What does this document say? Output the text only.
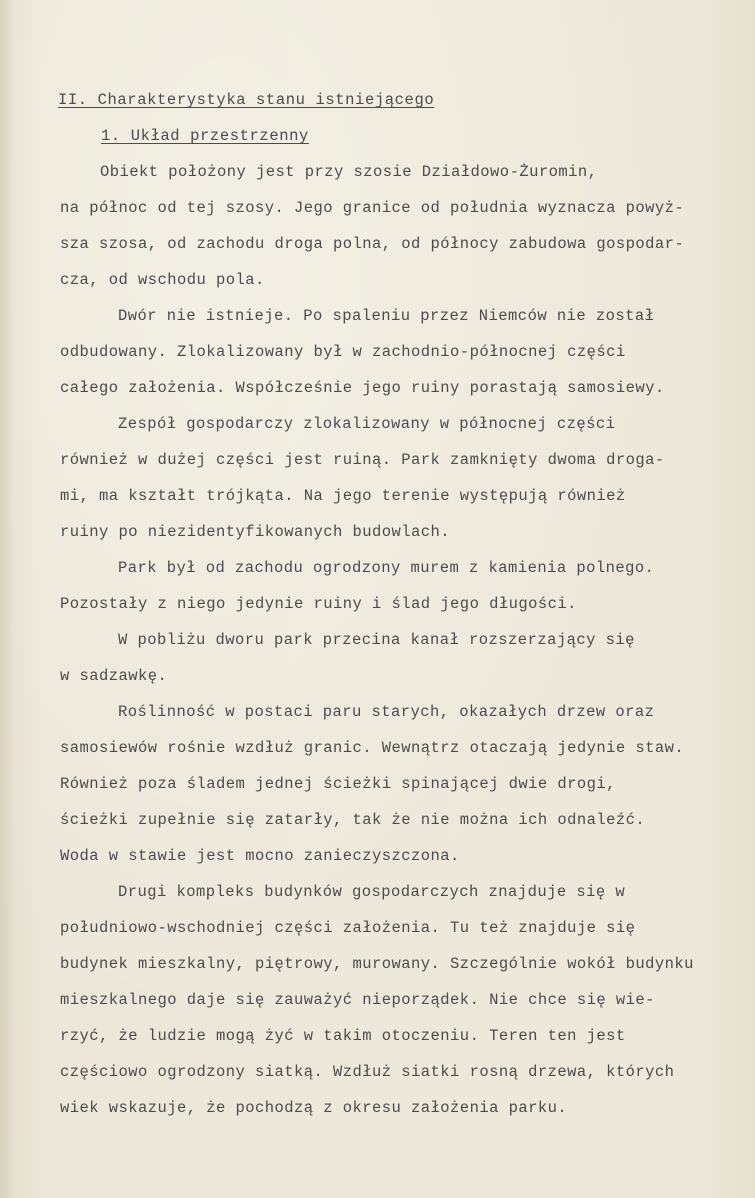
II. Charakterystyka stanu istniejącego
1. Układ przestrzenny
Obiekt położony jest przy szosie Działdowo-Żuromin,
na północ od tej szosy. Jego granice od południa wyznacza powyż-
sza szosa, od zachodu droga polna, od północy zabudowa gospodar-
cza, od wschodu pola.
Dwór nie istnieje. Po spaleniu przez Niemców nie został
odbudowany. Zlokalizowany był w zachodnio-północnej części
całego założenia. Współcześnie jego ruiny porastają samosiewy.
Zespół gospodarczy zlokalizowany w północnej części
również w dużej części jest ruiną. Park zamknięty dwoma droga-
mi, ma kształt trójkąta. Na jego terenie występują również
ruiny po niezidentyfikowanych budowlach.
Park był od zachodu ogrodzony murem z kamienia polnego.
Pozostały z niego jedynie ruiny i ślad jego długości.
W pobliżu dworu park przecina kanał rozszerzający się
w sadzawkę.
Roślinność w postaci paru starych, okazałych drzew oraz
samosiewów rośnie wzdłuż granic. Wewnątrz otaczają jedynie staw.
Również poza śladem jednej ścieżki spinającej dwie drogi,
ścieżki zupełnie się zatarły, tak że nie można ich odnaleźć.
Woda w stawie jest mocno zanieczyszczona.
Drugi kompleks budynków gospodarczych znajduje się w
południowo-wschodniej części założenia. Tu też znajduje się
budynek mieszkalny, piętrowy, murowany. Szczególnie wokół budynku
mieszkalnego daje się zauważyć nieporządek. Nie chce się wie-
rzyć, że ludzie mogą żyć w takim otoczeniu. Teren ten jest
częściowo ogrodzony siatką. Wzdłuż siatki rosną drzewa, których
wiek wskazuje, że pochodzą z okresu założenia parku.
